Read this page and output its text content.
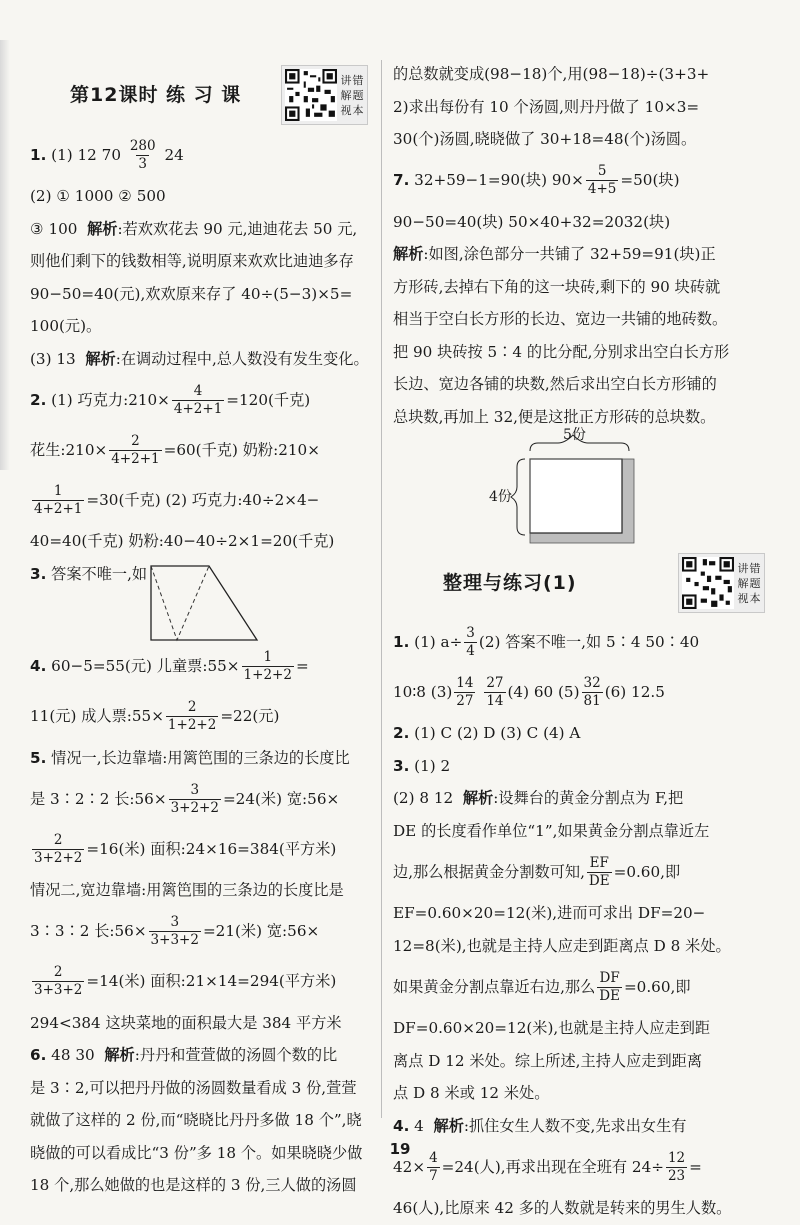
第12课时 练 习 课
讲
解
视
错
题
本
1.
(1) 12 70
$\frac{280}{3}$
24
(2) ① 1000 ② 500
③ 100
解析 :若欢欢花去 90 元,迪迪花去 50 元,
则他们剩下的钱数相等,说明原来欢欢比迪迪多存
90−50=40(元),欢欢原来存了 40÷(5−3)×5=
100(元)。
(3) 13
解析 :在调动过程中,总人数没有发生变化。
2.
(1) 巧克力:210× $\frac{4}{4+2+1} =120$(千克)
花生:210× $\frac{2}{4+2+1} =60$(千克) 奶粉:210×
$\frac{1}{4+2+1} =30$(千克) (2) 巧克力:40÷2×4−
40=40(千克) 奶粉:40−40÷2×1=20(千克)
3.
答案不唯一,如
4.
60−5=55(元) 儿童票:55× $\frac{1}{1+2+2}$ =
11(元) 成人票:55× $\frac{2}{1+2+2} =22$(元)
5.
情况一,长边靠墙:用篱笆围的三条边的长度比
是 3∶2∶2 长:56× $\frac{3}{3+2+2} =24$(米) 宽:56×
$\frac{2}{3+2+2} =16$(米) 面积:24×16=384(平方米)
情况二,宽边靠墙:用篱笆围的三条边的长度比是
3∶3∶2 长:56× $\frac{3}{3+3+2} =21$(米) 宽:56×
$\frac{2}{3+3+2} =14$(米) 面积:21×14=294(平方米)
294<384 这块菜地的面积最大是 384 平方米
6.
48 30
解析 :丹丹和萱萱做的汤圆个数的比
是 3∶2,可以把丹丹做的汤圆数量看成 3 份,萱萱
就做了这样的 2 份,而“晓晓比丹丹多做 18 个”,晓
晓做的可以看成比“3 份”多 18 个。如果晓晓少做
18 个,那么她做的也是这样的 3 份,三人做的汤圆
的总数就变成(98−18)个,用(98−18)÷(3+3+
2)求出每份有 10 个汤圆,则丹丹做了 10×3=
30(个)汤圆,晓晓做了 30+18=48(个)汤圆。
7.
32+59−1=90(块) $90\times \frac{5}{4+5} =50$(块)
90−50=40(块) 50×40+32=2032(块)
解析 :如图,涂色部分一共铺了 32+59=91(块)正
方形砖,去掉右下角的这一块砖,剩下的 90 块砖就
相当于空白长方形的长边、宽边一共铺的地砖数。
把 90 块砖按 5∶4 的比分配,分别求出空白长方形
长边、宽边各铺的块数,然后求出空白长方形铺的
总块数,再加上 32,便是这批正方形砖的总块数。
5份
4份
整理与练习(1)
讲
解
视
错
题
本
1.
(1) $a\div \frac{3}{4} (2)$ 答案不唯一,如 5∶4 50∶40
10∶8 $(3) \frac{14}{27}$
$\frac{27}{14} (4)$ 60 $(5) \frac{32}{81} (6)$ 12.5
2.
(1) C (2) D (3) C (4) A
3.
(1) 2
(2) 8 12
解析 :设舞台的黄金分割点为 F,把
DE 的长度看作单位“1”,如果黄金分割点靠近左
边,那么根据黄金分割数可知, $\frac{EF}{DE} =0.60$,即
EF=0.60×20=12(米),进而可求出 DF=20−
12=8(米),也就是主持人应走到距离点 D 8 米处。
如果黄金分割点靠近右边,那么 $\frac{DF}{DE} =0.60$,即
DF=0.60×20=12(米),也就是主持人应走到距
离点 D 12 米处。综上所述,主持人应走到距离
点 D 8 米或 12 米处。
4.
4
解析 :抓住女生人数不变,先求出女生有
$42\times \frac{4}{7} =24$(人),再求出现在全班有 $24\div \frac{12}{23}$ =
46(人),比原来 42 多的人数就是转来的男生人数。
19
